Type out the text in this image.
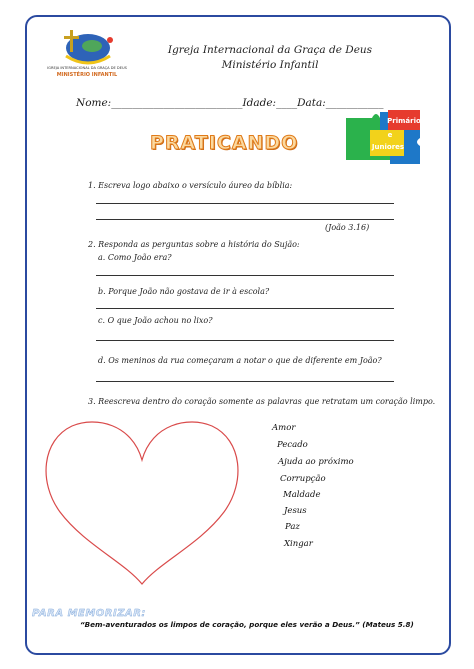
IGREJA INTERNACIONAL DA GRAÇA DE DEUS
MINISTÉRIO INFANTIL
Igreja Internacional da Graça de Deus
Ministério Infantil
Nome:_________________________Idade:____Data:___________
PRATICANDO
Primário
e
Juniores
1. Escreva logo abaixo o versículo áureo da bíblia:
(João 3.16)
2. Responda as perguntas sobre a história do Sujão:
a. Como João era?
b. Porque João não gostava de ir à escola?
c. O que João achou no lixo?
d. Os meninos da rua começaram a notar o que de diferente em João?
3. Reescreva dentro do coração somente as palavras que retratam um coração limpo.
Amor
Pecado
Ajuda ao próximo
Corrupção
Maldade
Jesus
Paz
Xingar
PARA MEMORIZAR:
“Bem-aventurados os limpos de coração, porque eles verão a Deus.” (Mateus 5.8)
